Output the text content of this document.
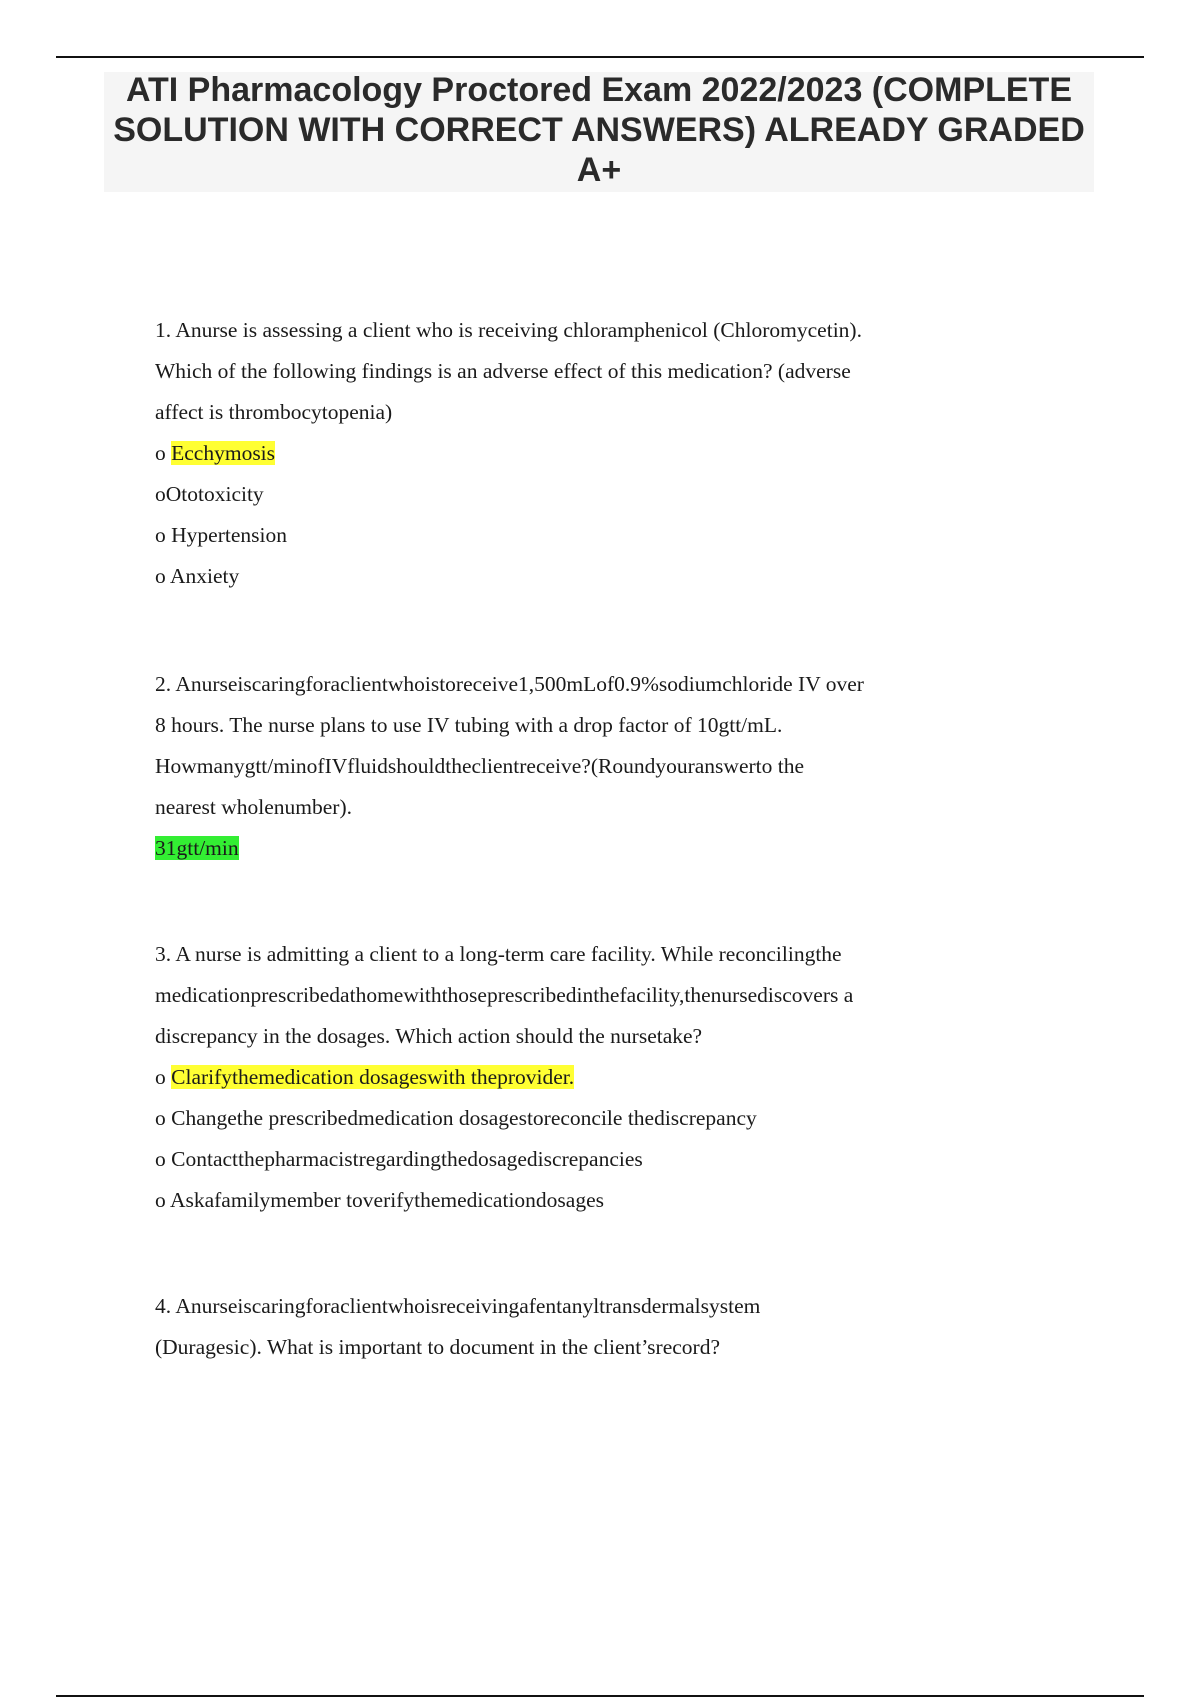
ATI Pharmacology Proctored Exam 2022/2023 (COMPLETE SOLUTION WITH CORRECT ANSWERS) ALREADY GRADED A+

1. Anurse is assessing a client who is receiving chloramphenicol (Chloromycetin).

Which of the following findings is an adverse effect of this medication? (adverse

affect is thrombocytopenia)

o Ecchymosis

oOtotoxicity

o Hypertension

o Anxiety

2. Anurseiscaringforaclientwhoistoreceive1,500mLof0.9%sodiumchloride IV over

8 hours. The nurse plans to use IV tubing with a drop factor of 10gtt/mL.

Howmanygtt/minofIVfluidshouldtheclientreceive?(Roundyouranswerto the

nearest wholenumber).

31gtt/min

3. A nurse is admitting a client to a long-term care facility. While reconcilingthe

medicationprescribedathomewiththoseprescribedinthefacility,thenursediscovers a

discrepancy in the dosages. Which action should the nursetake?

o Clarifythemedication dosageswith theprovider.

o Changethe prescribedmedication dosagestoreconcile thediscrepancy

o Contactthepharmacistregardingthedosagediscrepancies

o Askafamilymember toverifythemedicationdosages

4. Anurseiscaringforaclientwhoisreceivingafentanyltransdermalsystem

(Duragesic). What is important to document in the client’srecord?
